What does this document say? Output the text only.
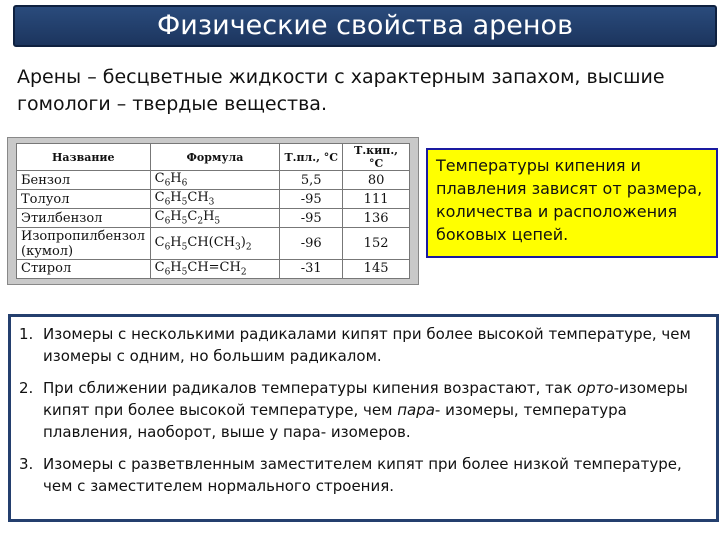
Физические свойства аренов
Арены – бесцветные жидкости с характерным запахом, высшие гомологи – твердые вещества.
Название	Формула	Т.пл., °С	Т.кип., °С
Бензол	$C_6H_6$	5,5	80
Толуол	$C_6H_5CH_3$	-95	111
Этилбензол	$C_6H_5C_2H_5$	-95	136
Изопропилбензол (кумол)	$C_6H_5CH(CH_3)_2$	-96	152
Стирол	$C_6H_5CH=CH_2$	-31	145
Температуры кипения и плавления зависят от размера, количества и расположения боковых цепей.
1. Изомеры с несколькими радикалами кипят при более высокой температуре, чем изомеры с одним, но большим радикалом.
2. При сближении радикалов температуры кипения возрастают, так орто-изомеры кипят при более высокой температуре, чем пара- изомеры, температура плавления, наоборот, выше у пара- изомеров.
3. Изомеры с разветвленным заместителем кипят при более низкой температуре, чем с заместителем нормального строения.
